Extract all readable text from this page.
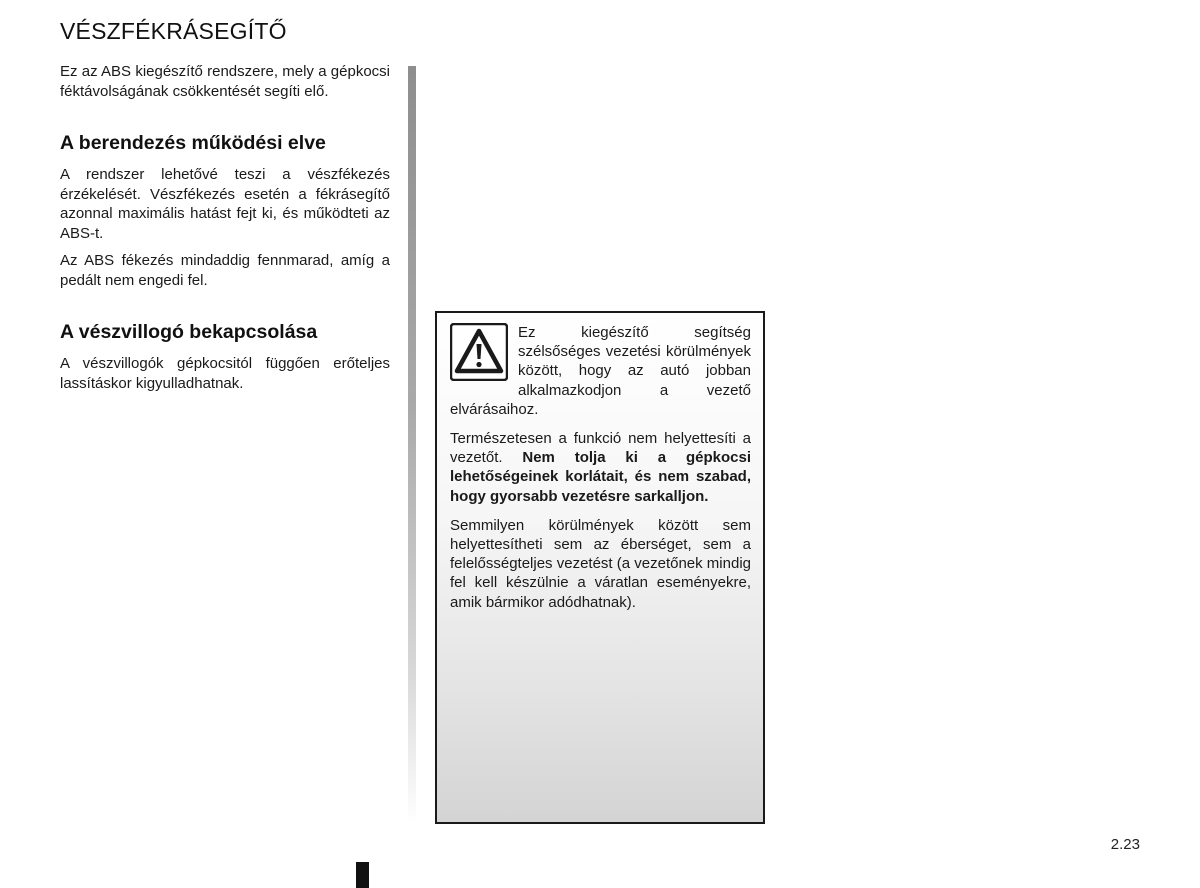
VÉSZFÉKRÁSEGÍTŐ

Ez az ABS kiegészítő rendszere, mely a gépkocsi féktávolságának csökkentését segíti elő.

A berendezés működési elve

A rendszer lehetővé teszi a vészfékezés érzékelését. Vészfékezés esetén a fékrásegítő azonnal maximális hatást fejt ki, és működteti az ABS-t.

Az ABS fékezés mindaddig fennmarad, amíg a pedált nem engedi fel.

A vészvillogó bekapcsolása

A vészvillogók gépkocsitól függően erőteljes lassításkor kigyulladhatnak.

Ez kiegészítő segítség szélsőséges vezetési körülmények között, hogy az autó jobban alkalmazkodjon a vezető elvárásaihoz.

Természetesen a funkció nem helyettesíti a vezetőt. Nem tolja ki a gépkocsi lehetőségeinek korlátait, és nem szabad, hogy gyorsabb vezetésre sarkalljon.

Semmilyen körülmények között sem helyettesítheti sem az éberséget, sem a felelősségteljes vezetést (a vezetőnek mindig fel kell készülnie a váratlan eseményekre, amik bármikor adódhatnak).

2.23
